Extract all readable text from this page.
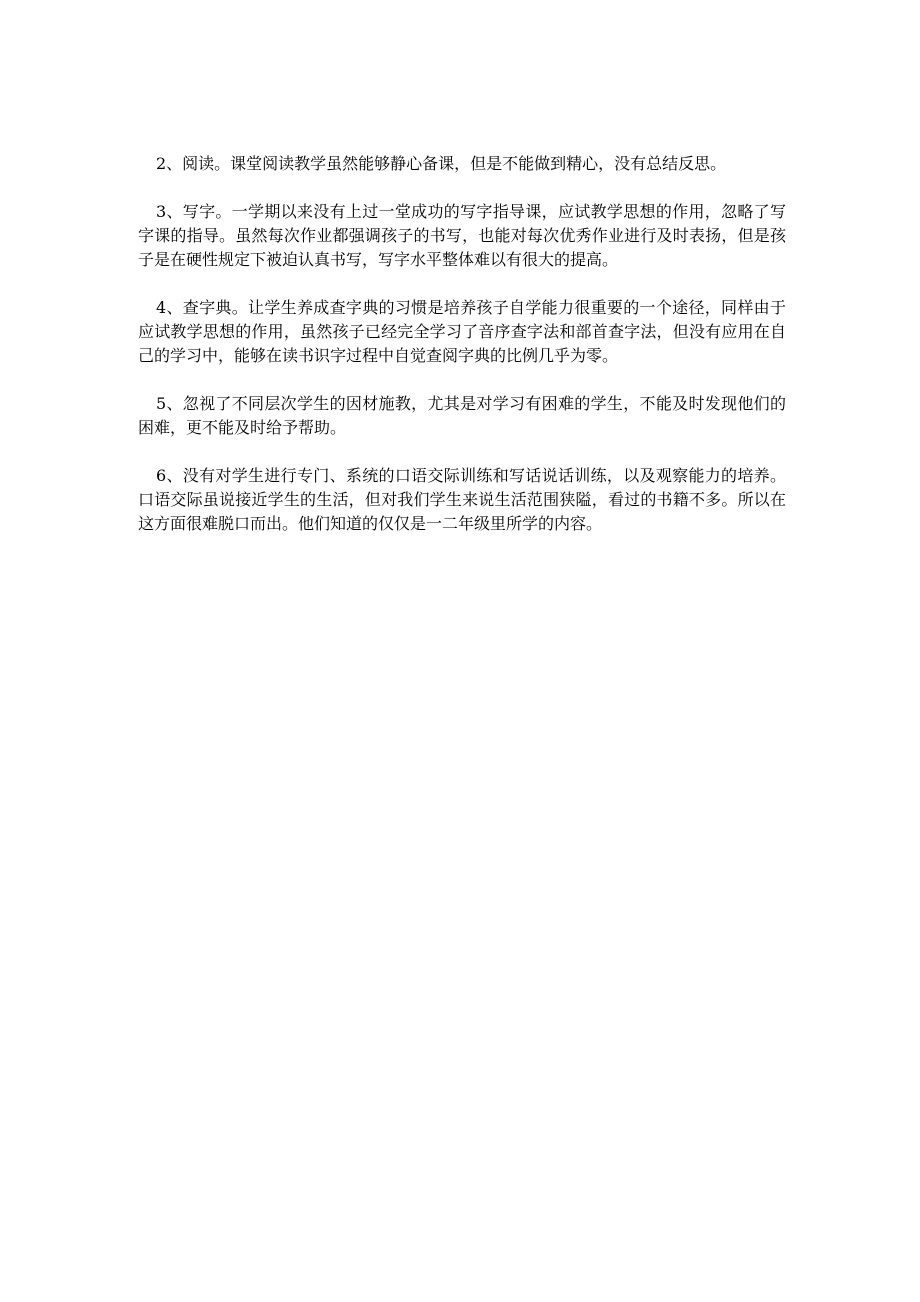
2、阅读。课堂阅读教学虽然能够静心备课，但是不能做到精心，没有总结反思。

3、写字。一学期以来没有上过一堂成功的写字指导课，应试教学思想的作用，忽略了写字课的指导。虽然每次作业都强调孩子的书写，也能对每次优秀作业进行及时表扬，但是孩子是在硬性规定下被迫认真书写，写字水平整体难以有很大的提高。

4、查字典。让学生养成查字典的习惯是培养孩子自学能力很重要的一个途径，同样由于应试教学思想的作用，虽然孩子已经完全学习了音序查字法和部首查字法，但没有应用在自己的学习中，能够在读书识字过程中自觉查阅字典的比例几乎为零。

5、忽视了不同层次学生的因材施教，尤其是对学习有困难的学生，不能及时发现他们的困难，更不能及时给予帮助。

6、没有对学生进行专门、系统的口语交际训练和写话说话训练，以及观察能力的培养。口语交际虽说接近学生的生活，但对我们学生来说生活范围狭隘，看过的书籍不多。所以在这方面很难脱口而出。他们知道的仅仅是一二年级里所学的内容。
